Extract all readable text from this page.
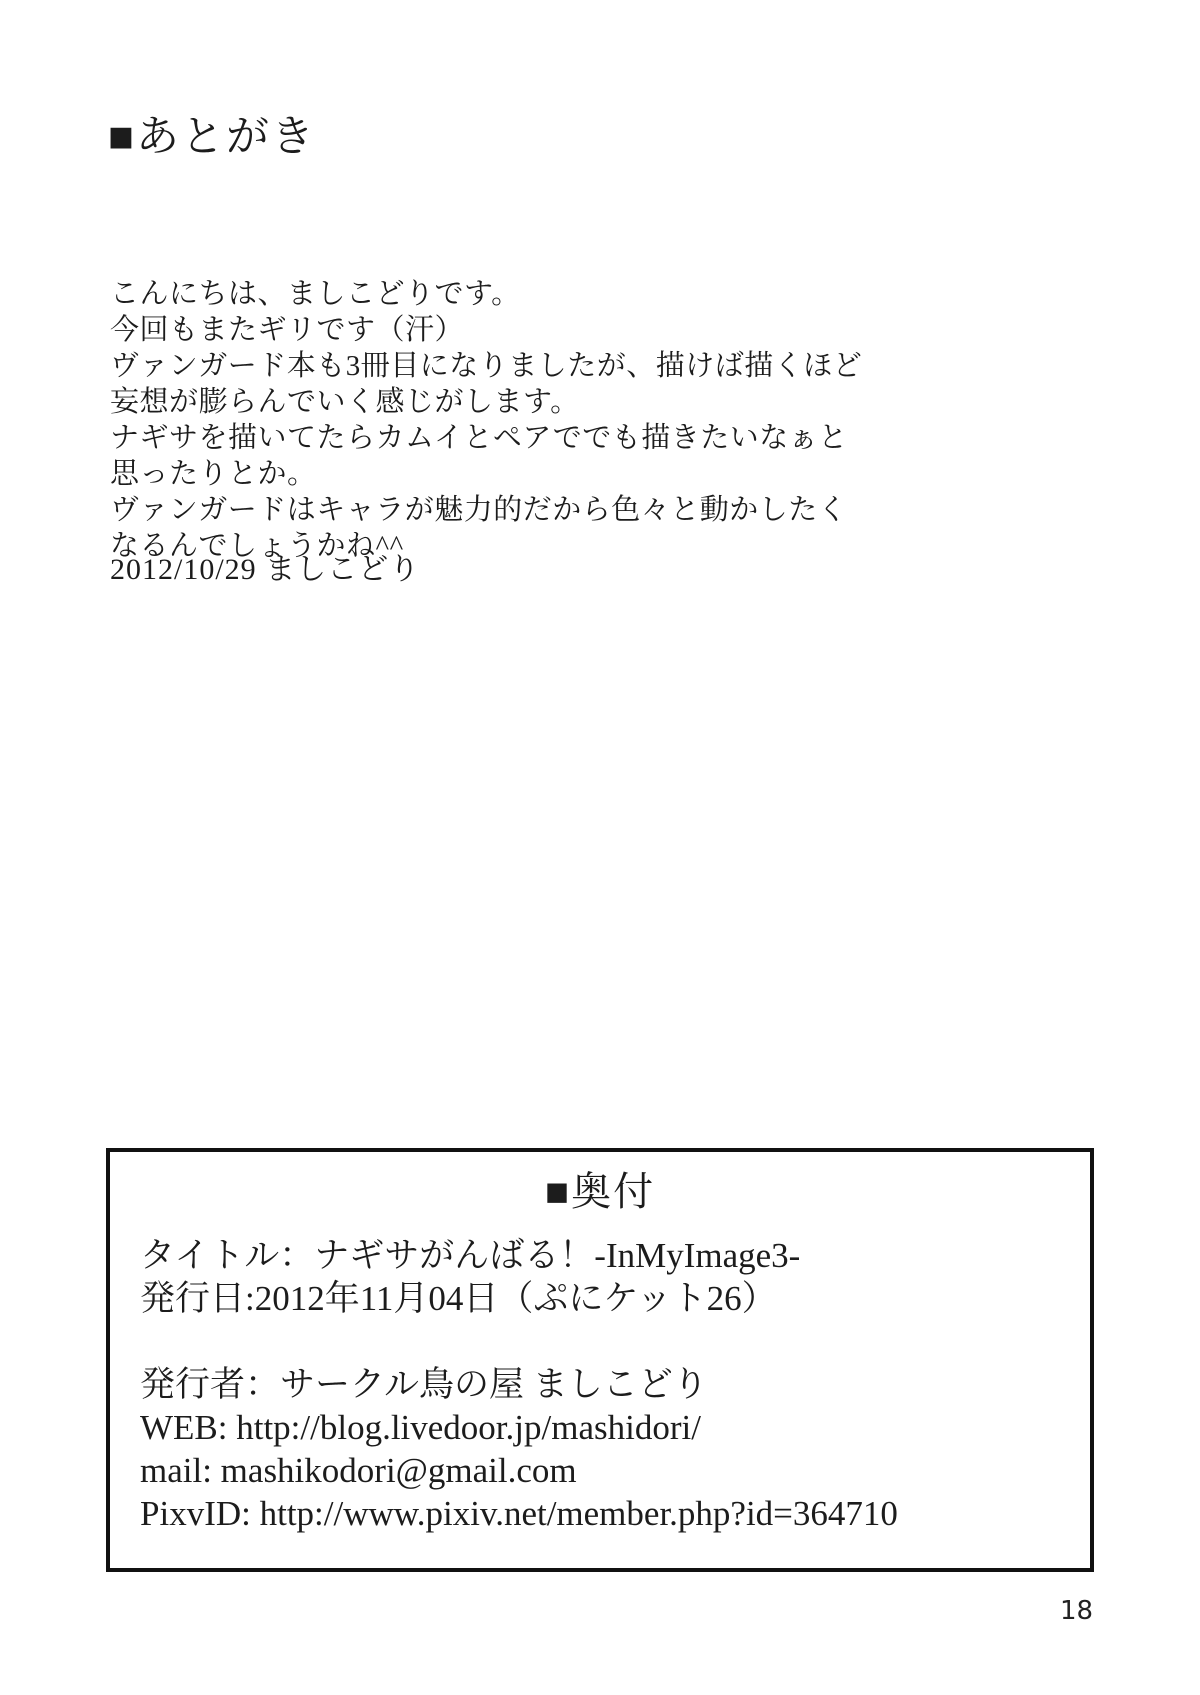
■あとがき
こんにちは、ましこどりです。
今回もまたギリです（汗）
ヴァンガード本も3冊目になりましたが、描けば描くほど
妄想が膨らんでいく感じがします。
ナギサを描いてたらカムイとペアででも描きたいなぁと
思ったりとか。
ヴァンガードはキャラが魅力的だから色々と動かしたく
なるんでしょうかね^^
2012/10/29 ましこどり
■奥付
タイトル：ナギサがんばる！-InMyImage3-
発行日:2012年11月04日（ぷにケット26）
発行者：サークル鳥の屋 ましこどり
WEB: http://blog.livedoor.jp/mashidori/
mail: mashikodori@gmail.com
PixvID: http://www.pixiv.net/member.php?id=364710
18
